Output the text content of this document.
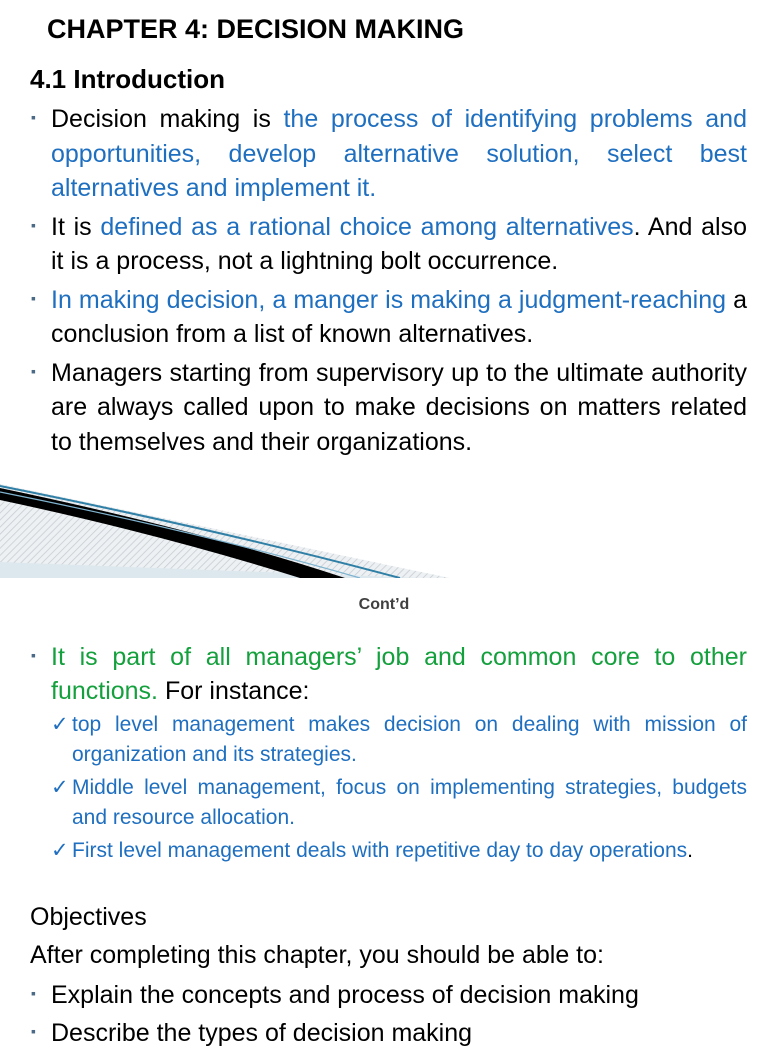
CHAPTER 4: DECISION MAKING
4.1 Introduction
▪ Decision making is the process of identifying problems and opportunities, develop alternative solution, select best alternatives and implement it.
▪ It is defined as a rational choice among alternatives. And also it is a process, not a lightning bolt occurrence.
▪ In making decision, a manger is making a judgment-reaching a conclusion from a list of known alternatives.
▪ Managers starting from supervisory up to the ultimate authority are always called upon to make decisions on matters related to themselves and their organizations.

Cont’d

▪ It is part of all managers’ job and common core to other functions. For instance:
✓ top level management makes decision on dealing with mission of organization and its strategies.
✓ Middle level management, focus on implementing strategies, budgets and resource allocation.
✓ First level management deals with repetitive day to day operations.

Objectives

After completing this chapter, you should be able to:

▪ Explain the concepts and process of decision making
▪ Describe the types of decision making
